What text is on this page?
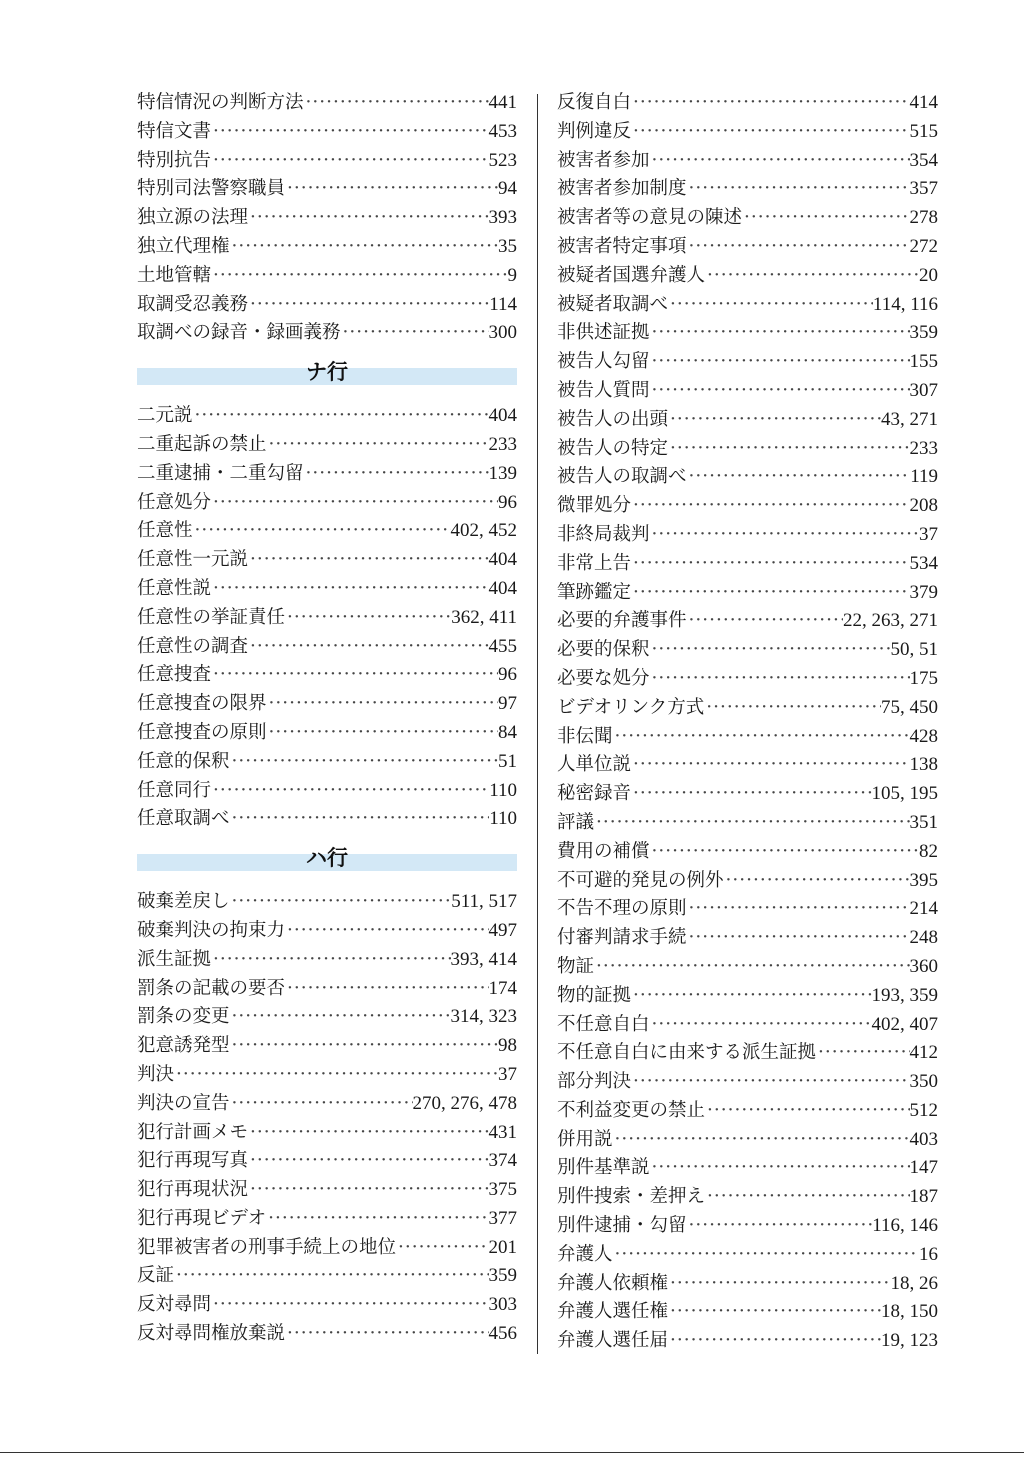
特信情況の判断方法 ·····	441
特信文書 ·····	453
特別抗告 ·····	523
特別司法警察職員 ·····	94
独立源の法理 ·····	393
独立代理権 ·····	35
土地管轄 ·····	9
取調受忍義務 ·····	114
取調べの録音・録画義務 ·····	300
ナ行
二元説 ·····	404
二重起訴の禁止 ·····	233
二重逮捕・二重勾留 ·····	139
任意処分 ·····	96
任意性 ·····	402, 452
任意性一元説 ·····	404
任意性説 ·····	404
任意性の挙証責任 ·····	362, 411
任意性の調査 ·····	455
任意捜査 ·····	96
任意捜査の限界 ·····	97
任意捜査の原則 ·····	84
任意的保釈 ·····	51
任意同行 ·····	110
任意取調べ ·····	110
ハ行
破棄差戻し ·····	511, 517
破棄判決の拘束力 ·····	497
派生証拠 ·····	393, 414
罰条の記載の要否 ·····	174
罰条の変更 ·····	314, 323
犯意誘発型 ·····	98
判決 ·····	37
判決の宣告 ·····	270, 276, 478
犯行計画メモ ·····	431
犯行再現写真 ·····	374
犯行再現状況 ·····	375
犯行再現ビデオ ·····	377
犯罪被害者の刑事手続上の地位 ·····	201
反証 ·····	359
反対尋問 ·····	303
反対尋問権放棄説 ·····	456
反復自白 ·····	414
判例違反 ·····	515
被害者参加 ·····	354
被害者参加制度 ·····	357
被害者等の意見の陳述 ·····	278
被害者特定事項 ·····	272
被疑者国選弁護人 ·····	20
被疑者取調べ ·····	114, 116
非供述証拠 ·····	359
被告人勾留 ·····	155
被告人質問 ·····	307
被告人の出頭 ·····	43, 271
被告人の特定 ·····	233
被告人の取調べ ·····	119
微罪処分 ·····	208
非終局裁判 ·····	37
非常上告 ·····	534
筆跡鑑定 ·····	379
必要的弁護事件 ·····	22, 263, 271
必要的保釈 ·····	50, 51
必要な処分 ·····	175
ビデオリンク方式 ·····	75, 450
非伝聞 ·····	428
人単位説 ·····	138
秘密録音 ·····	105, 195
評議 ·····	351
費用の補償 ·····	82
不可避的発見の例外 ·····	395
不告不理の原則 ·····	214
付審判請求手続 ·····	248
物証 ·····	360
物的証拠 ·····	193, 359
不任意自白 ·····	402, 407
不任意自白に由来する派生証拠 ·····	412
部分判決 ·····	350
不利益変更の禁止 ·····	512
併用説 ·····	403
別件基準説 ·····	147
別件捜索・差押え ·····	187
別件逮捕・勾留 ·····	116, 146
弁護人 ·····	16
弁護人依頼権 ·····	18, 26
弁護人選任権 ·····	18, 150
弁護人選任届 ·····	19, 123
